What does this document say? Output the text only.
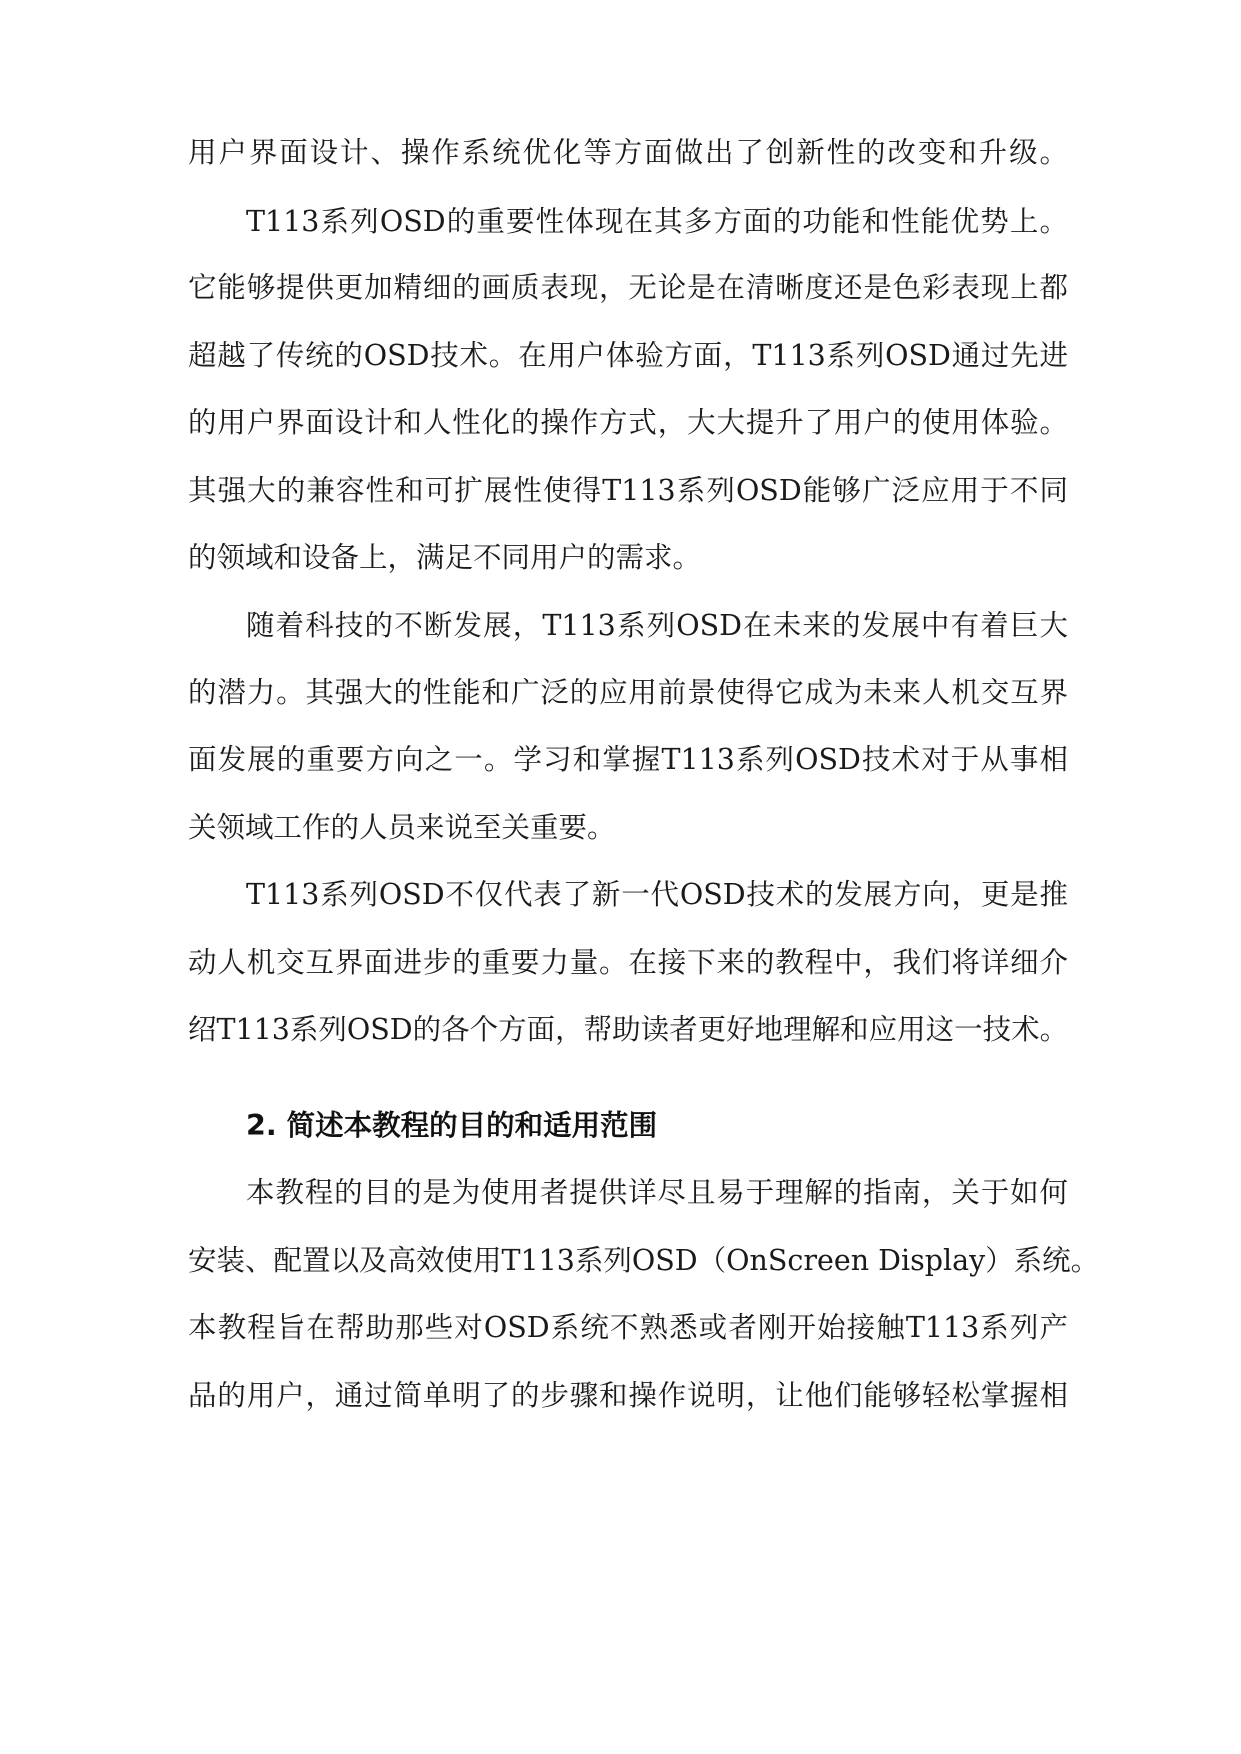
用户界面设计、操作系统优化等方面做出了创新性的改变和升级。
T113系列OSD的重要性体现在其多方面的功能和性能优势上。
它能够提供更加精细的画质表现，无论是在清晰度还是色彩表现上都
超越了传统的OSD技术。在用户体验方面，T113系列OSD通过先进
的用户界面设计和人性化的操作方式，大大提升了用户的使用体验。
其强大的兼容性和可扩展性使得T113系列OSD能够广泛应用于不同
的领域和设备上，满足不同用户的需求。
随着科技的不断发展，T113系列OSD在未来的发展中有着巨大
的潜力。其强大的性能和广泛的应用前景使得它成为未来人机交互界
面发展的重要方向之一。学习和掌握T113系列OSD技术对于从事相
关领域工作的人员来说至关重要。
T113系列OSD不仅代表了新一代OSD技术的发展方向，更是推
动人机交互界面进步的重要力量。在接下来的教程中，我们将详细介
绍T113系列OSD的各个方面，帮助读者更好地理解和应用这一技术。
2. 简述本教程的目的和适用范围
本教程的目的是为使用者提供详尽且易于理解的指南，关于如何
安装、配置以及高效使用T113系列OSD（OnScreen Display）系统。
本教程旨在帮助那些对OSD系统不熟悉或者刚开始接触T113系列产
品的用户，通过简单明了的步骤和操作说明，让他们能够轻松掌握相
